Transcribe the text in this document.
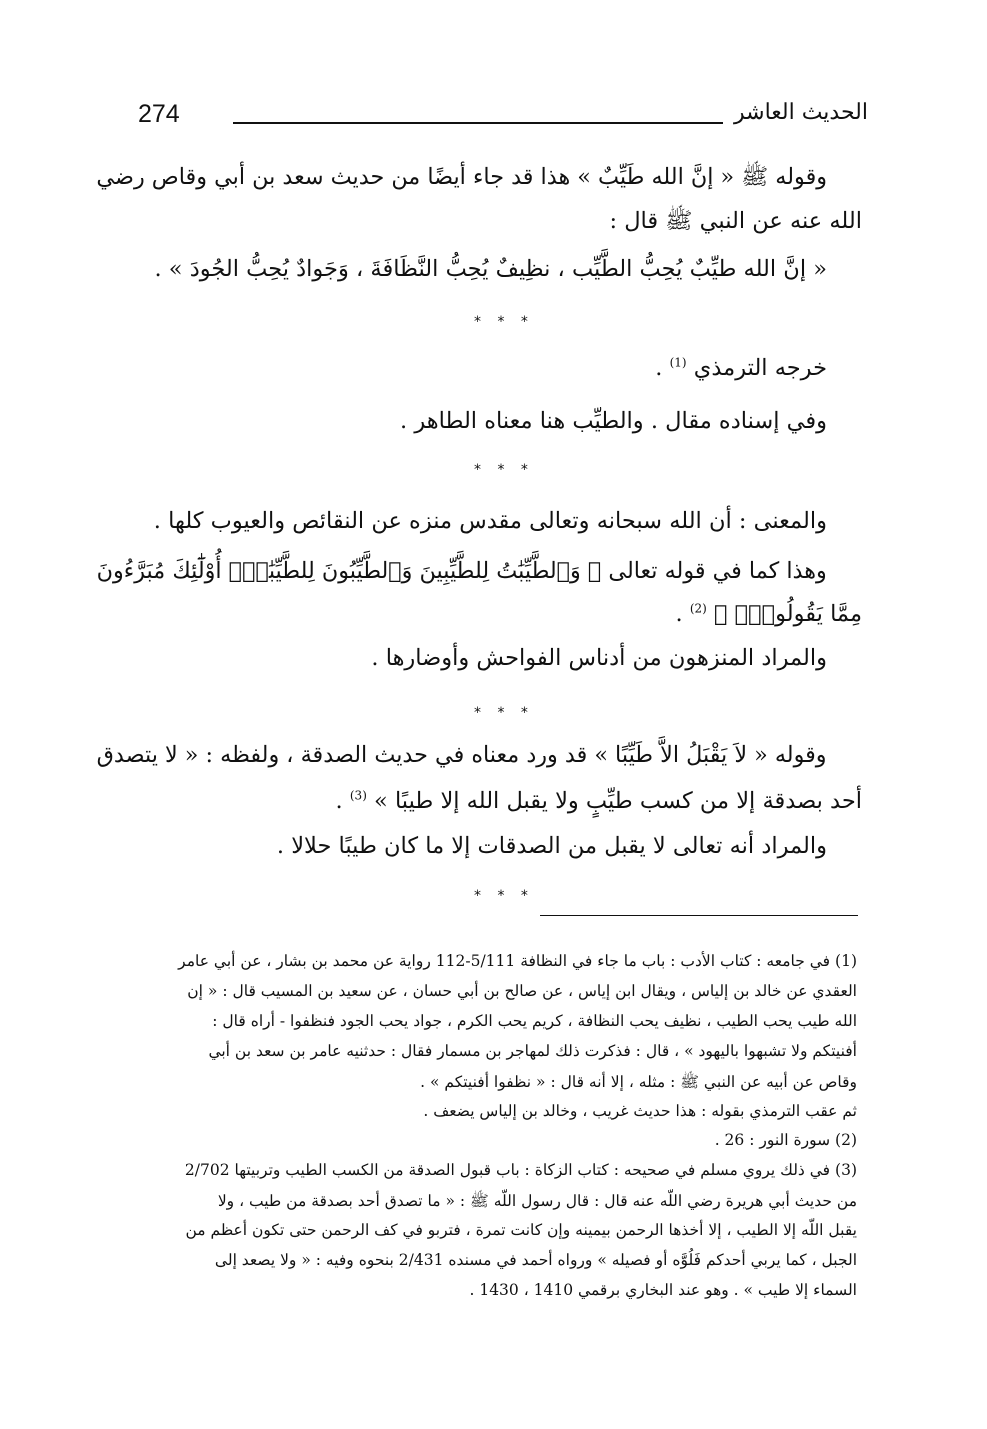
274	الحديث العاشر
وقوله ﷺ « إنَّ الله طَيِّبٌ » هذا قد جاء أيضًا من حديث سعد بن أبي وقاص رضي
الله عنه عن النبي ﷺ قال :
« إنَّ الله طيِّبٌ يُحِبُّ الطَّيِّب ، نظِيفٌ يُحِبُّ النَّظَافَةَ ، وَجَوادٌ يُحِبُّ الجُودَ » .
* * *
خرجه الترمذي $^{(1)}$ .
وفي إسناده مقال . والطيِّب هنا معناه الطاهر .
* * *
والمعنى : أن الله سبحانه وتعالى مقدس منزه عن النقائص والعيوب كلها .
وهذا كما في قوله تعالى ﴿ وَٱلطَّيِّبَٰتُ لِلطَّيِّبِينَ وَٱلطَّيِّبُونَ لِلطَّيِّبَٰتِۚ أُوْلَٰٓئِكَ مُبَرَّءُونَ
مِمَّا يَقُولُونَۖ ﴾ $^{(2)}$ .
والمراد المنزهون من أدناس الفواحش وأوضارها .
* * *
وقوله « لاَ يَقْبَلُ الاَّ طَيِّبًا » قد ورد معناه في حديث الصدقة ، ولفظه : « لا يتصدق
أحد بصدقة إلا من كسب طيِّبٍ ولا يقبل الله إلا طيبًا » $^{(3)}$ .
والمراد أنه تعالى لا يقبل من الصدقات إلا ما كان طيبًا حلالا .
* * *
(1) في جامعه : كتاب الأدب : باب ما جاء في النظافة 5/111-112 رواية عن محمد بن بشار ، عن أبي عامر
العقدي عن خالد بن إلياس ، ويقال ابن إياس ، عن صالح بن أبي حسان ، عن سعيد بن المسيب قال : « إن
الله طيب يحب الطيب ، نظيف يحب النظافة ، كريم يحب الكرم ، جواد يحب الجود فنظفوا - أراه قال :
أفنيتكم ولا تشبهوا باليهود » ، قال : فذكرت ذلك لمهاجر بن مسمار فقال : حدثنيه عامر بن سعد بن أبي
وقاص عن أبيه عن النبي ﷺ : مثله ، إلا أنه قال : « نظفوا أفنيتكم » .
ثم عقب الترمذي بقوله : هذا حديث غريب ، وخالد بن إلياس يضعف .
(2) سورة النور : 26 .
(3) في ذلك يروي مسلم في صحيحه : كتاب الزكاة : باب قبول الصدقة من الكسب الطيب وتربيتها 2/702
من حديث أبي هريرة رضي اللّه عنه قال : قال رسول اللّه ﷺ : « ما تصدق أحد بصدقة من طيب ، ولا
يقبل اللّه إلا الطيب ، إلا أخذها الرحمن بيمينه وإن كانت تمرة ، فتربو في كف الرحمن حتى تكون أعظم من
الجبل ، كما يربي أحدكم فَلُوَّه أو فصيله » ورواه أحمد في مسنده 2/431 بنحوه وفيه : « ولا يصعد إلى
السماء إلا طيب » . وهو عند البخاري برقمي 1410 ، 1430 .
